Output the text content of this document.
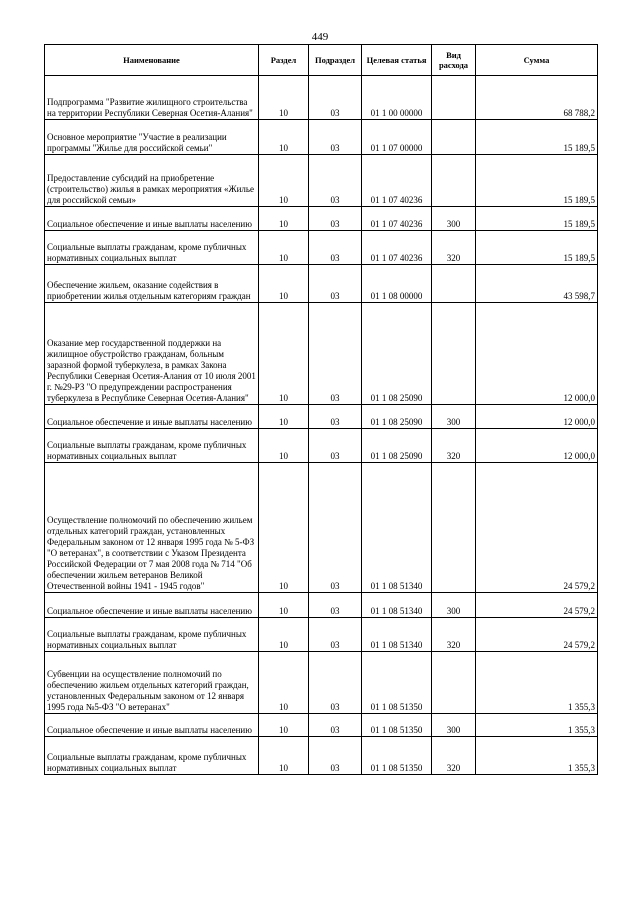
449
Наименование	Раздел	Подраздел	Целевая статья	Вид расхода	Сумма
Подпрограмма "Развитие жилищного строительства на территории Республики Северная Осетия-Алания"	10	03	01 1 00 00000		68 788,2
Основное мероприятие "Участие в реализации программы "Жилье для российской семьи"	10	03	01 1 07 00000		15 189,5
Предоставление субсидий на приобретение (строительство) жилья в рамках мероприятия «Жилье для российской семьи»	10	03	01 1 07 40236		15 189,5
Социальное обеспечение и иные выплаты населению	10	03	01 1 07 40236	300	15 189,5
Социальные выплаты гражданам, кроме публичных нормативных социальных выплат	10	03	01 1 07 40236	320	15 189,5
Обеспечение жильем, оказание содействия в приобретении жилья отдельным категориям граждан	10	03	01 1 08 00000		43 598,7
Оказание мер государственной поддержки на жилищное обустройство гражданам, больным заразной формой туберкулеза, в рамках Закона Республики Северная Осетия-Алания от 10 июля 2001 г. №29-РЗ "О предупреждении распространения туберкулеза в Республике Северная Осетия-Алания"	10	03	01 1 08 25090		12 000,0
Социальное обеспечение и иные выплаты населению	10	03	01 1 08 25090	300	12 000,0
Социальные выплаты гражданам, кроме публичных нормативных социальных выплат	10	03	01 1 08 25090	320	12 000,0
Осуществление полномочий по обеспечению жильем отдельных категорий граждан, установленных Федеральным законом от 12 января 1995 года № 5-ФЗ "О ветеранах", в соответствии с Указом Президента Российской Федерации от 7 мая 2008 года № 714 "Об обеспечении жильем ветеранов Великой Отечественной войны 1941 - 1945 годов"	10	03	01 1 08 51340		24 579,2
Социальное обеспечение и иные выплаты населению	10	03	01 1 08 51340	300	24 579,2
Социальные выплаты гражданам, кроме публичных нормативных социальных выплат	10	03	01 1 08 51340	320	24 579,2
Субвенции на осуществление полномочий по обеспечению жильем отдельных категорий граждан, установленных Федеральным законом от 12 января 1995 года №5-ФЗ "О ветеранах"	10	03	01 1 08 51350		1 355,3
Социальное обеспечение и иные выплаты населению	10	03	01 1 08 51350	300	1 355,3
Социальные выплаты гражданам, кроме публичных нормативных социальных выплат	10	03	01 1 08 51350	320	1 355,3
